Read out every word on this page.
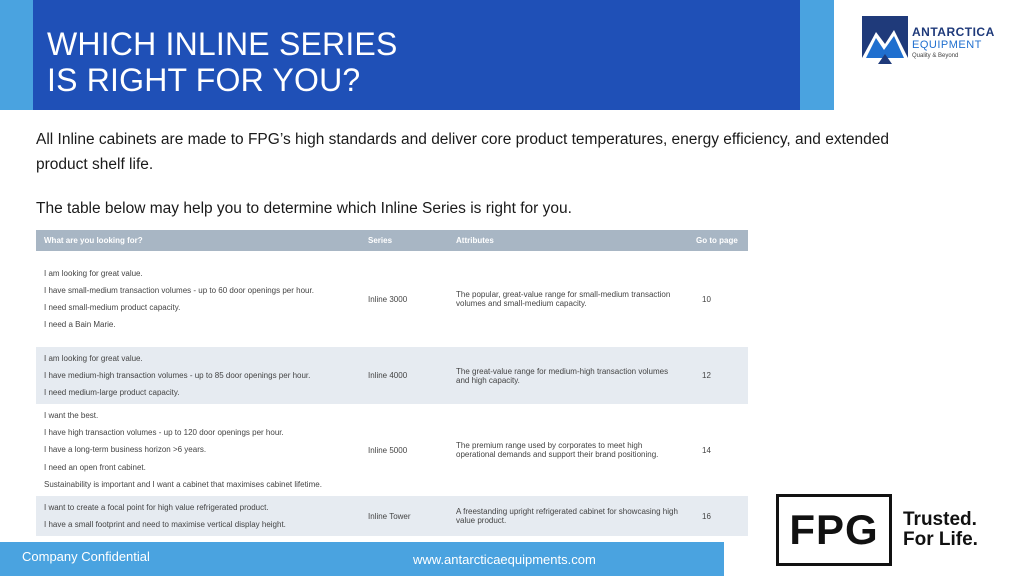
WHICH INLINE SERIES
IS RIGHT FOR YOU?
ANTARCTICA
EQUIPMENT
Quality & Beyond

All Inline cabinets are made to FPG’s high standards and deliver core product temperatures, energy efficiency, and extended product shelf life.

The table below may help you to determine which Inline Series is right for you.

What are you looking for?	Series	Attributes	Go to page

I am looking for great value.
I have small-medium transaction volumes - up to 60 door openings per hour.
I need small-medium product capacity.
I need a Bain Marie.	Inline 3000	The popular, great-value range for small-medium transaction volumes and small-medium capacity.	10

I am looking for great value.
I have medium-high transaction volumes - up to 85 door openings per hour.
I need medium-large product capacity.	Inline 4000	The great-value range for medium-high transaction volumes and high capacity.	12

I want the best.
I have high transaction volumes - up to 120 door openings per hour.
I have a long-term business horizon >6 years.
I need an open front cabinet.
Sustainability is important and I want a cabinet that maximises cabinet lifetime.	Inline 5000	The premium range used by corporates to meet high operational demands and support their brand positioning.	14

I want to create a focal point for high value refrigerated product.
I have a small footprint and need to maximise vertical display height.	Inline Tower	A freestanding upright refrigerated cabinet for showcasing high value product.	16 FPG	Trusted.
For Life.
Company Confidential	www.antarcticaequipments.com
